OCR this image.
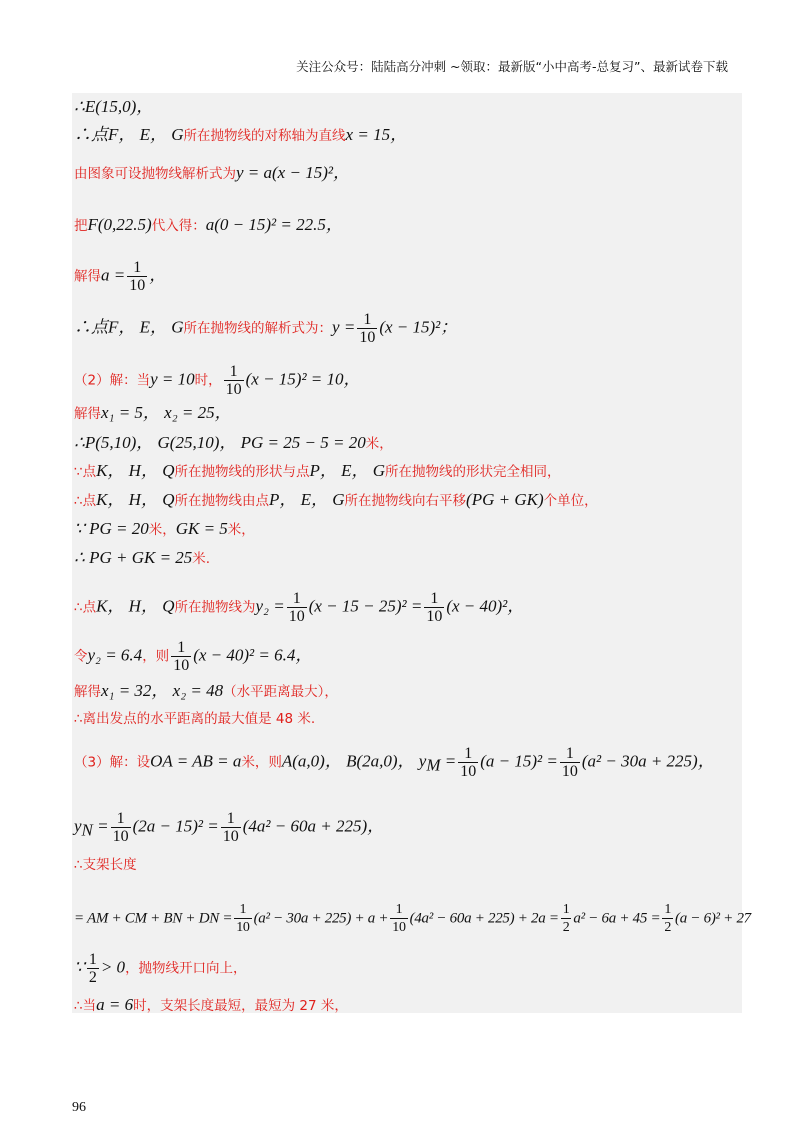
关注公众号：陆陆高分冲刺 ~领取：最新版“小中高考-总复习”、最新试卷下载
∴E(15,0)，
∴点F， E， G所在抛物线的对称轴为直线x = 15，
由图象可设抛物线解析式为y = a(x − 15)²，
把F(0,22.5)代入得：a(0 − 15)² = 22.5，
解得$a = \frac{1}{10}$ ，
∴点F， E， G所在抛物线的解析式为：$y = \frac{1}{10} (x - 15)^2$；
（2）解：当y = 10时， $\frac{1}{10} (x - 15)^2 = 10$，
解得x₁ = 5， x₂ = 25，
∴P(5,10)， G(25,10)， PG = 25 − 5 = 20米，
∵点K， H， Q所在抛物线的形状与点P， E， G所在抛物线的形状完全相同，
∴点K， H， Q所在抛物线由点P， E， G所在抛物线向右平移(PG + GK)个单位，
∵ PG = 20米，GK = 5米，
∴ PG + GK = 25米.
∴点K， H， Q所在抛物线为$y_2 = \frac{1}{10} (x - 15 - 25)^2 = \frac{1}{10} (x - 40)^2$，
令y₂ = 6.4，则 $\frac{1}{10} (x - 40)^2 = 6.4$，
解得x₁ = 32， x₂ = 48（水平距离最大），
∴离出发点的水平距离的最大值是 48 米.
（3）解：设OA = AB = a米，则A(a,0)， B(2a,0)， $y_M = \frac{1}{10} (a - 15)^2 = \frac{1}{10} (a^2 - 30a + 225)$，
$y_N = \frac{1}{10} (2a - 15)^2 = \frac{1}{10} (4a^2 - 60a + 225)$，
∴支架长度
= AM + CM + BN + DN = $\frac{1}{10} (a^2 - 30a + 225) + a + \frac{1}{10} (4a^2 - 60a + 225) + 2a = \frac{1}{2} a^2 - 6a + 45 = \frac{1}{2} (a - 6)^2 + 27$
∵ $\frac{1}{2} > 0$，抛物线开口向上，
∴当a = 6时，支架长度最短，最短为 27 米，
96
